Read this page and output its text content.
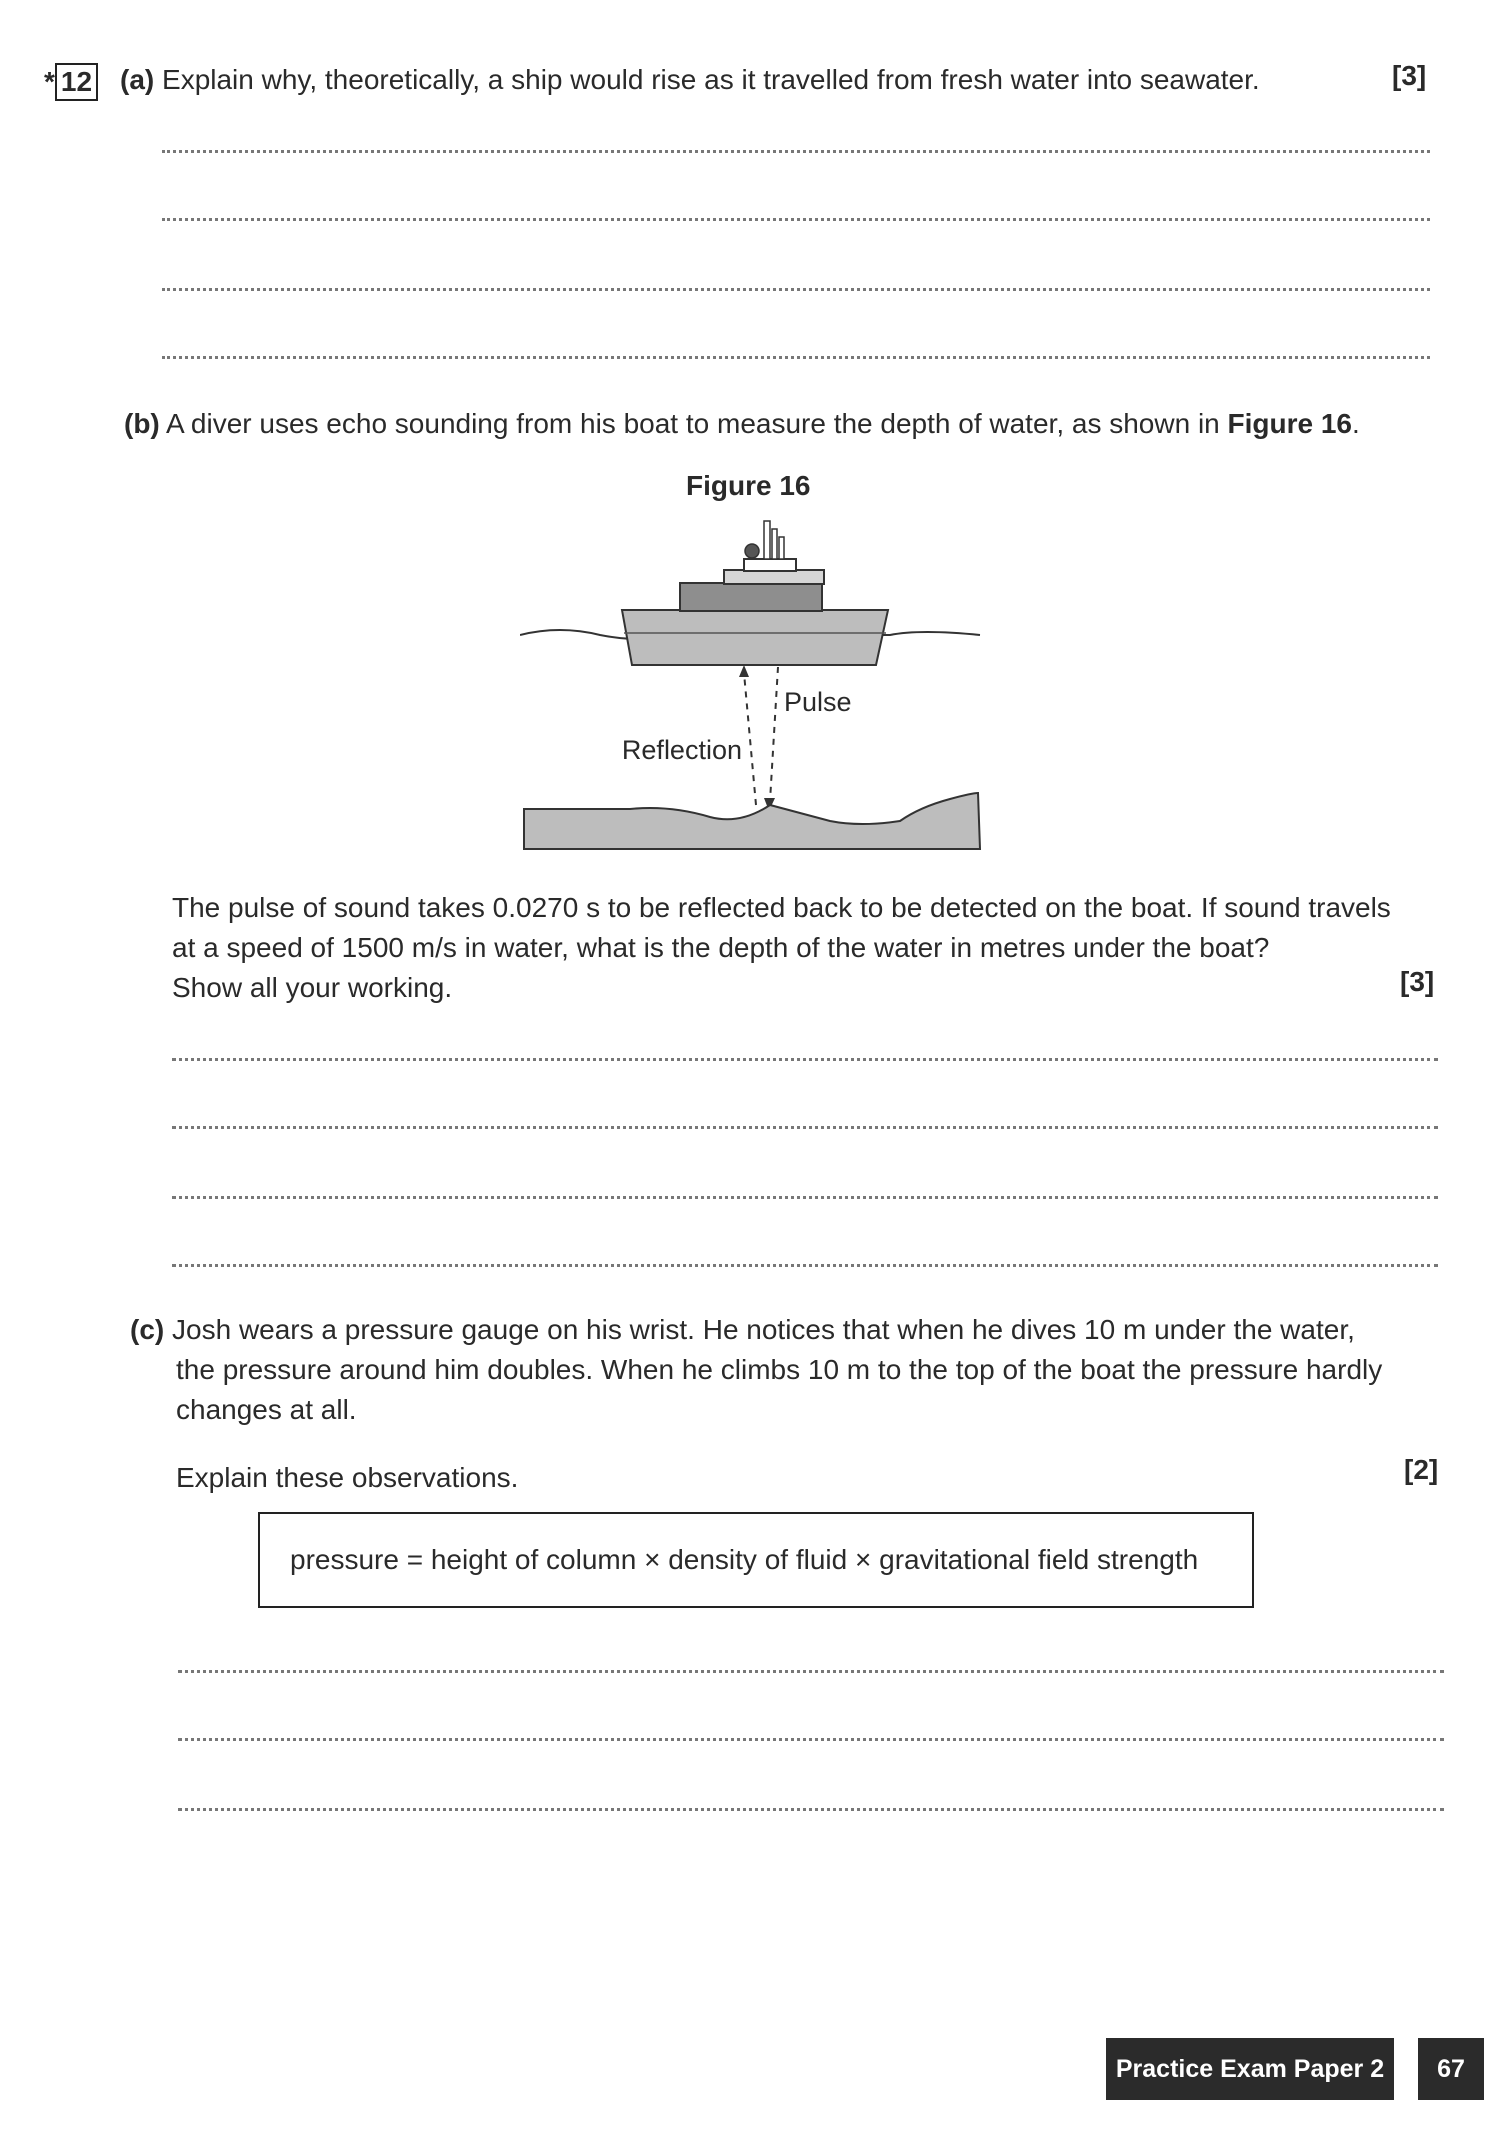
* 12 (a) Explain why, theoretically, a ship would rise as it travelled from fresh water into seawater.	[3]
(b) A diver uses echo sounding from his boat to measure the depth of water, as shown in Figure 16.
Figure 16
Pulse
Reflection
The pulse of sound takes 0.0270 s to be reflected back to be detected on the boat. If sound travels
at a speed of 1500 m/s in water, what is the depth of the water in metres under the boat?
Show all your working.	[3]
(c) Josh wears a pressure gauge on his wrist. He notices that when he dives 10 m under the water,
the pressure around him doubles. When he climbs 10 m to the top of the boat the pressure hardly
changes at all.
Explain these observations.	[2]
pressure = height of column × density of fluid × gravitational field strength
Practice Exam Paper 2	67
